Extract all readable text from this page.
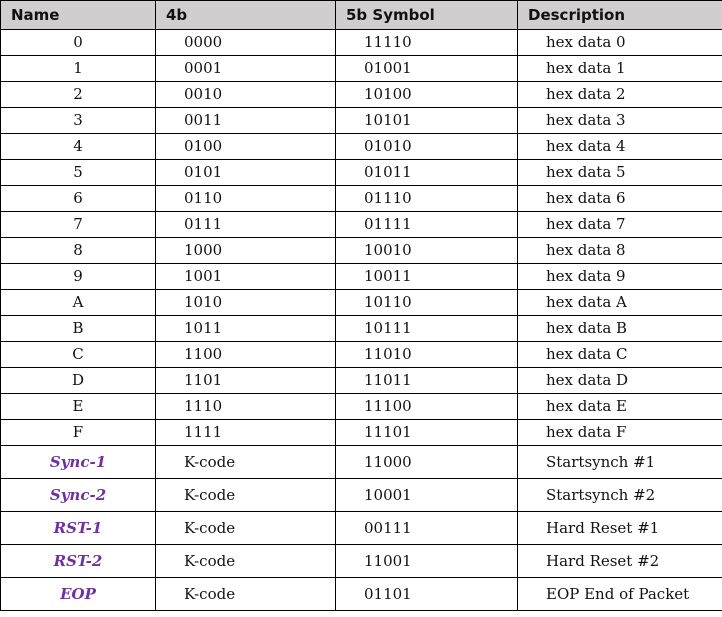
Name	4b	5b Symbol	Description
0	0000	11110	hex data 0
1	0001	01001	hex data 1
2	0010	10100	hex data 2
3	0011	10101	hex data 3
4	0100	01010	hex data 4
5	0101	01011	hex data 5
6	0110	01110	hex data 6
7	0111	01111	hex data 7
8	1000	10010	hex data 8
9	1001	10011	hex data 9
A	1010	10110	hex data A
B	1011	10111	hex data B
C	1100	11010	hex data C
D	1101	11011	hex data D
E	1110	11100	hex data E
F	1111	11101	hex data F
Sync-1	K-code	11000	Startsynch #1
Sync-2	K-code	10001	Startsynch #2
RST-1	K-code	00111	Hard Reset #1
RST-2	K-code	11001	Hard Reset #2
EOP	K-code	01101	EOP End of Packet
